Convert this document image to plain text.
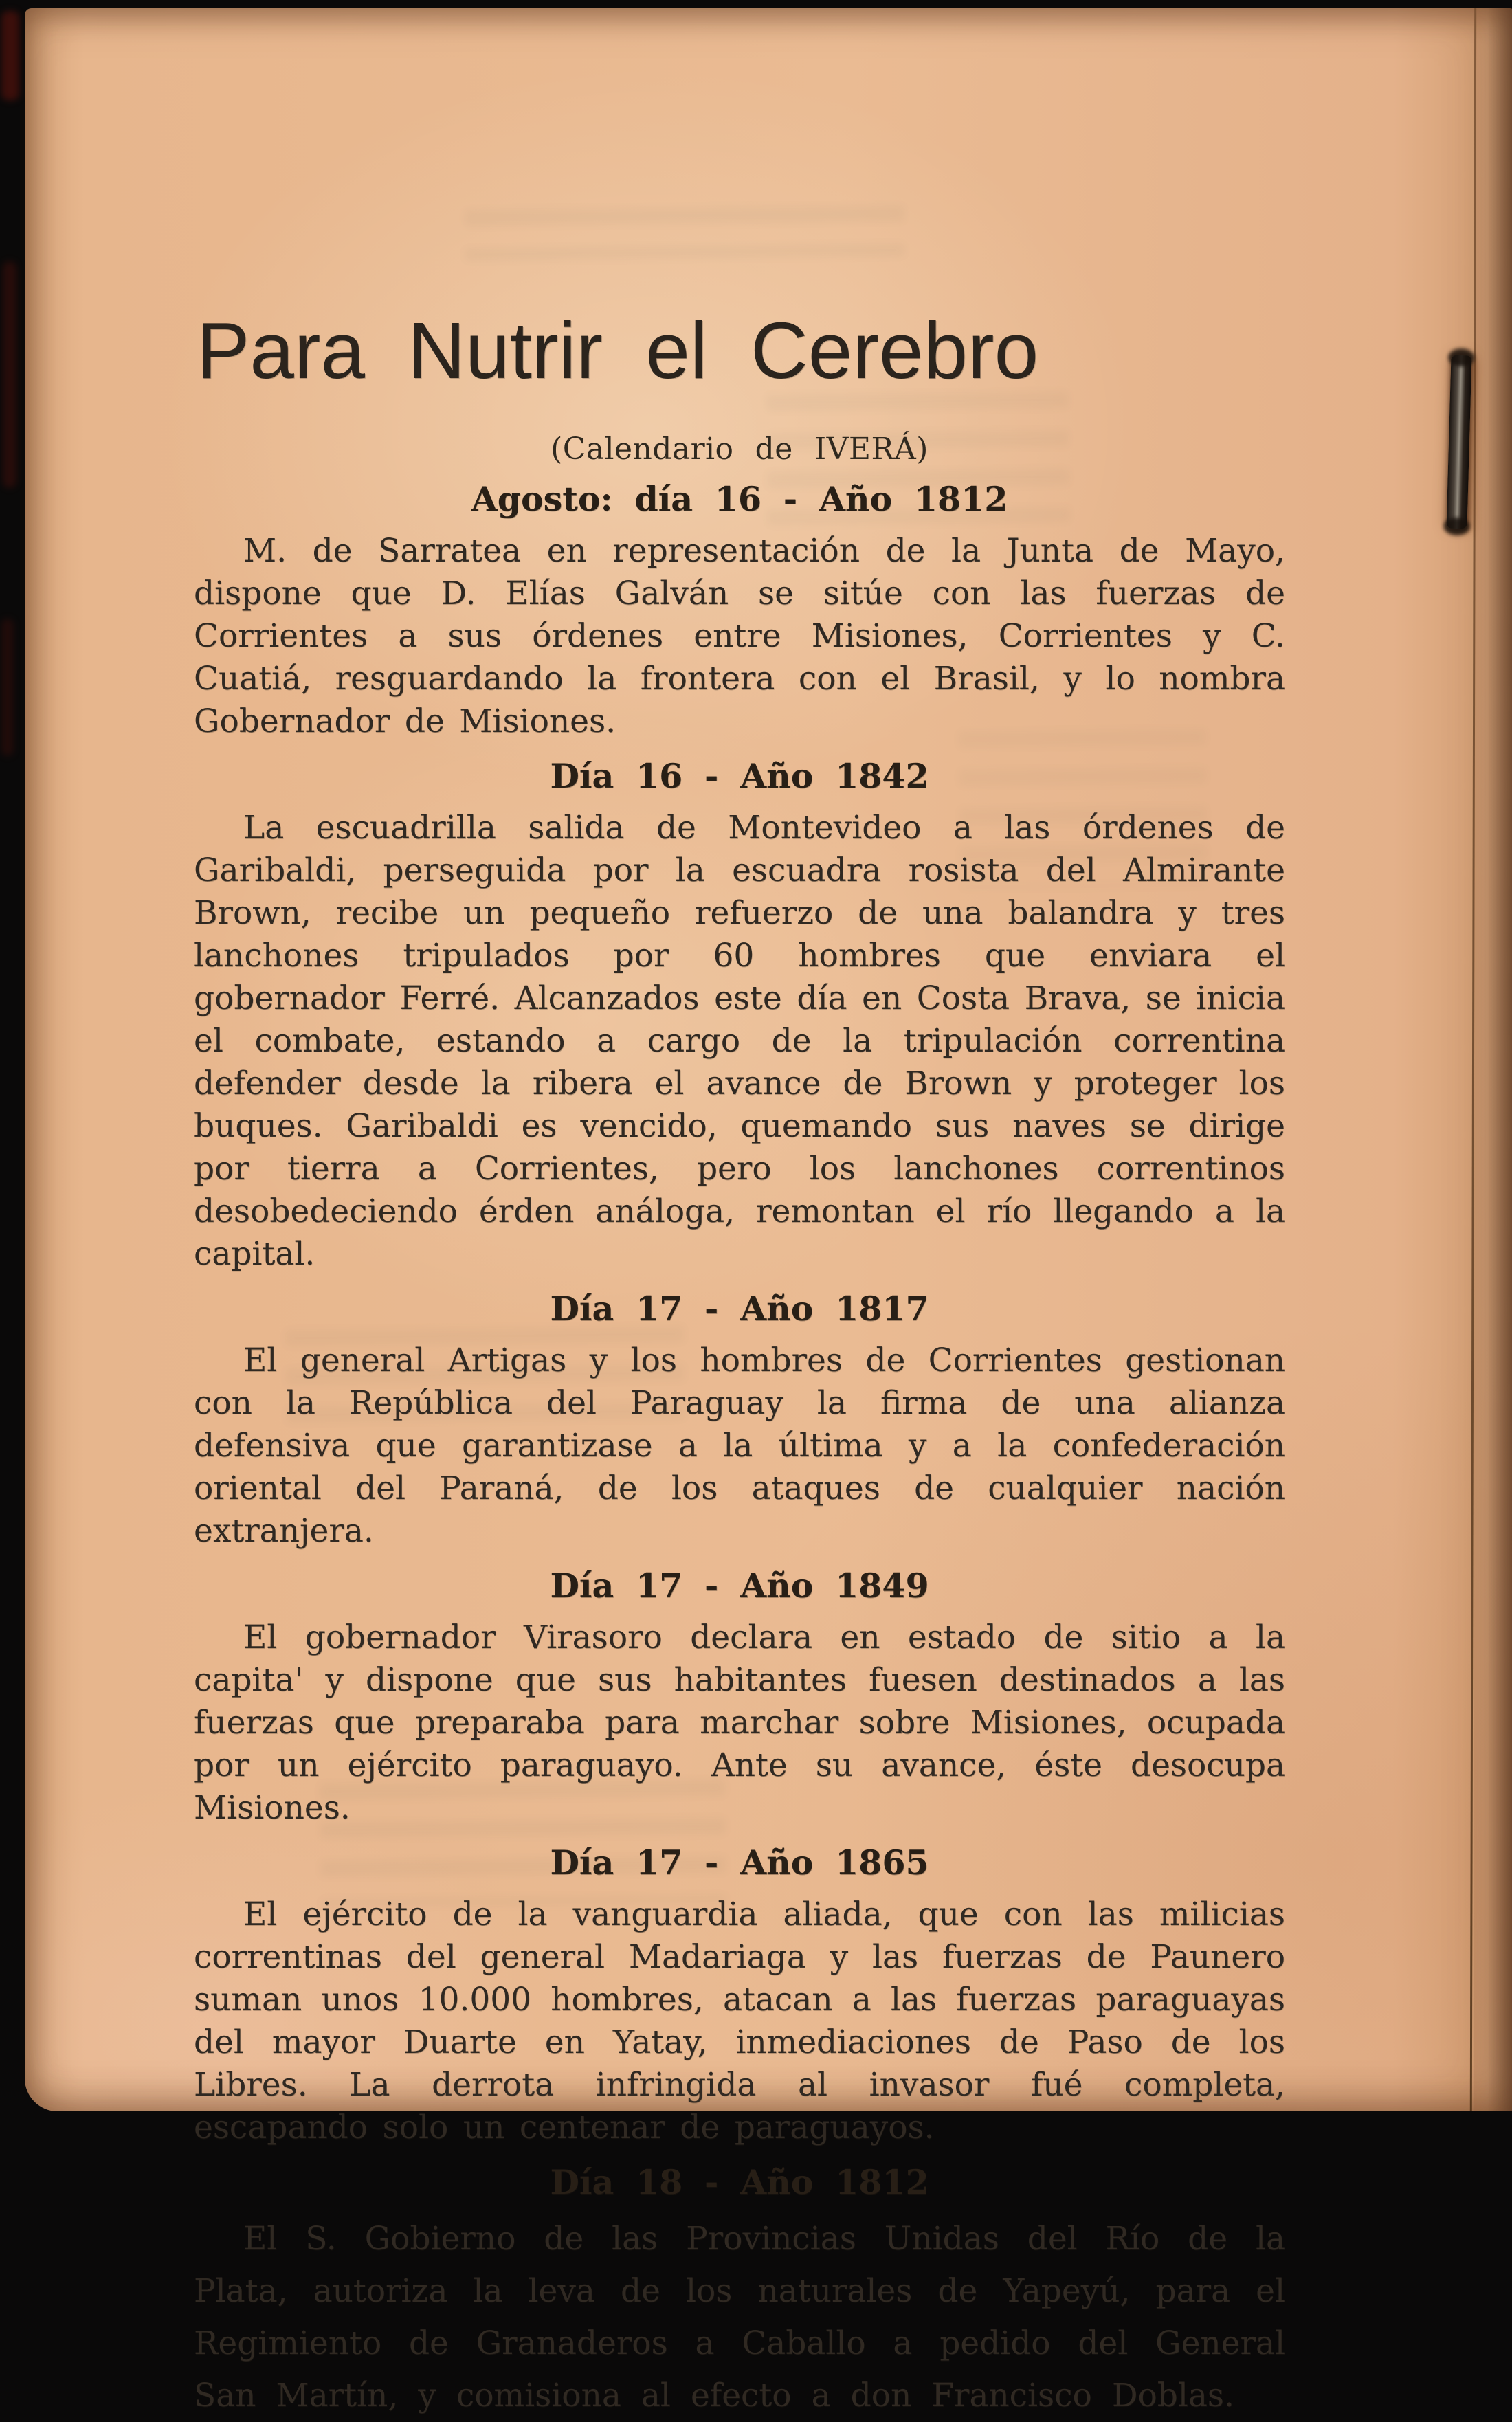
Para Nutrir el Cerebro
(Calendario de IVERÁ)
Agosto: día 16 - Año 1812

M. de Sarratea en representación de la Junta de Mayo, dispone que D. Elías Galván se sitúe con las fuerzas de Corrientes a sus órdenes entre Misiones, Corrientes y C. Cuatiá, resguardando la frontera con el Brasil, y lo nombra Gobernador de Misiones.

Día 16 - Año 1842

La escuadrilla salida de Montevideo a las órdenes de Garibaldi, perseguida por la escuadra rosista del Almirante Brown, recibe un pequeño refuerzo de una balandra y tres lanchones tripulados por 60 hombres que enviara el gobernador Ferré. Alcanzados este día en Costa Brava, se inicia el combate, estando a cargo de la tripulación correntina defender desde la ribera el avance de Brown y proteger los buques. Garibaldi es vencido, quemando sus naves se dirige por tierra a Corrientes, pero los lanchones correntinos desobedeciendo érden análoga, remontan el río llegando a la capital.

Día 17 - Año 1817

El general Artigas y los hombres de Corrientes gestionan con la República del Paraguay la firma de una alianza defensiva que garantizase a la última y a la confederación oriental del Paraná, de los ataques de cualquier nación extranjera.

Día 17 - Año 1849

El gobernador Virasoro declara en estado de sitio a la capita' y dispone que sus habitantes fuesen destinados a las fuerzas que preparaba para marchar sobre Misiones, ocupada por un ejército paraguayo. Ante su avance, éste desocupa Misiones.

Día 17 - Año 1865

El ejército de la vanguardia aliada, que con las milicias correntinas del general Madariaga y las fuerzas de Paunero suman unos 10.000 hombres, atacan a las fuerzas paraguayas del mayor Duarte en Yatay, inmediaciones de Paso de los Libres. La derrota infringida al invasor fué completa, escapando solo un centenar de paraguayos.

Día 18 - Año 1812

El S. Gobierno de las Provincias Unidas del Río de la Plata, autoriza la leva de los naturales de Yapeyú, para el Regimiento de Granaderos a Caballo a pedido del General San Martín, y comisiona al efecto a don Francisco Doblas.
